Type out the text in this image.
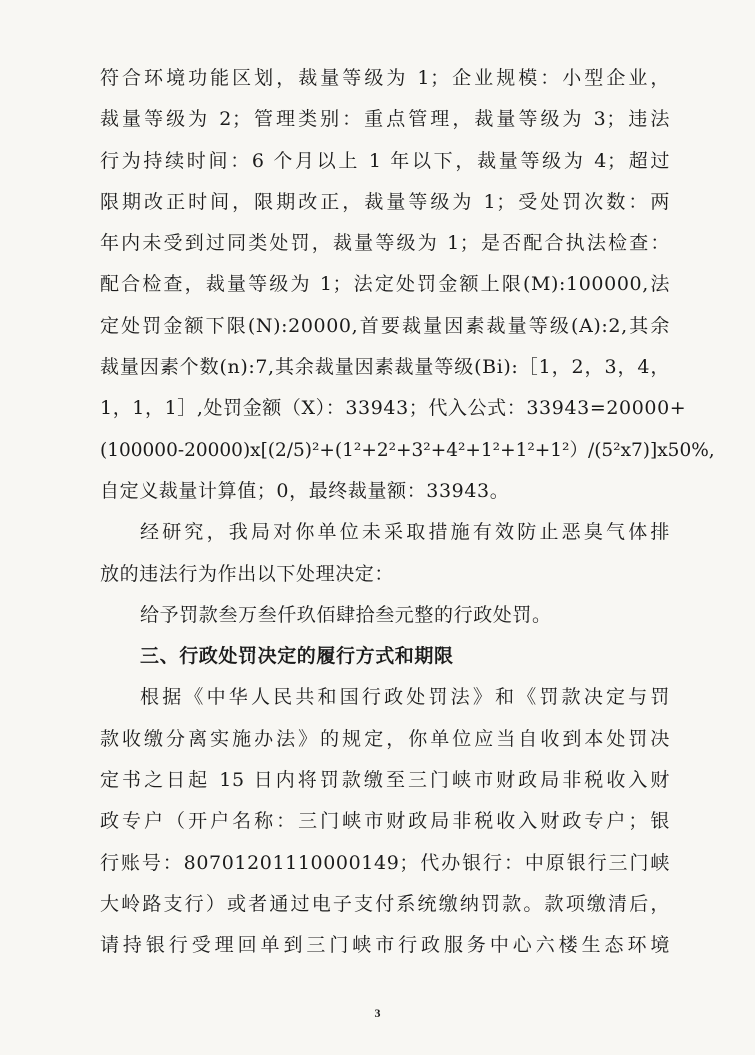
符合环境功能区划，裁量等级为 1；企业规模：小型企业，
裁量等级为 2；管理类别：重点管理，裁量等级为 3；违法
行为持续时间：6 个月以上 1 年以下，裁量等级为 4；超过
限期改正时间，限期改正，裁量等级为 1；受处罚次数：两
年内未受到过同类处罚，裁量等级为 1；是否配合执法检查：
配合检查，裁量等级为 1；法定处罚金额上限(M):100000,法
定处罚金额下限(N):20000,首要裁量因素裁量等级(A):2,其余
裁量因素个数(n):7,其余裁量因素裁量等级(Bi):［1，2，3，4，
1，1，1］,处罚金额（X）：33943；代入公式：33943=20000+
(100000-20000)x[(2/5)²+(1²+2²+3²+4²+1²+1²+1²）/(5²x7)]x50%,
自定义裁量计算值；0，最终裁量额：33943。
经研究，我局对你单位未采取措施有效防止恶臭气体排
放的违法行为作出以下处理决定：
给予罚款叁万叁仟玖佰肆拾叁元整的行政处罚。
三、行政处罚决定的履行方式和期限
根据《中华人民共和国行政处罚法》和《罚款决定与罚
款收缴分离实施办法》的规定，你单位应当自收到本处罚决
定书之日起 15 日内将罚款缴至三门峡市财政局非税收入财
政专户（开户名称：三门峡市财政局非税收入财政专户；银
行账号：80701201110000149；代办银行：中原银行三门峡
大岭路支行）或者通过电子支付系统缴纳罚款。款项缴清后，
请持银行受理回单到三门峡市行政服务中心六楼生态环境
3
